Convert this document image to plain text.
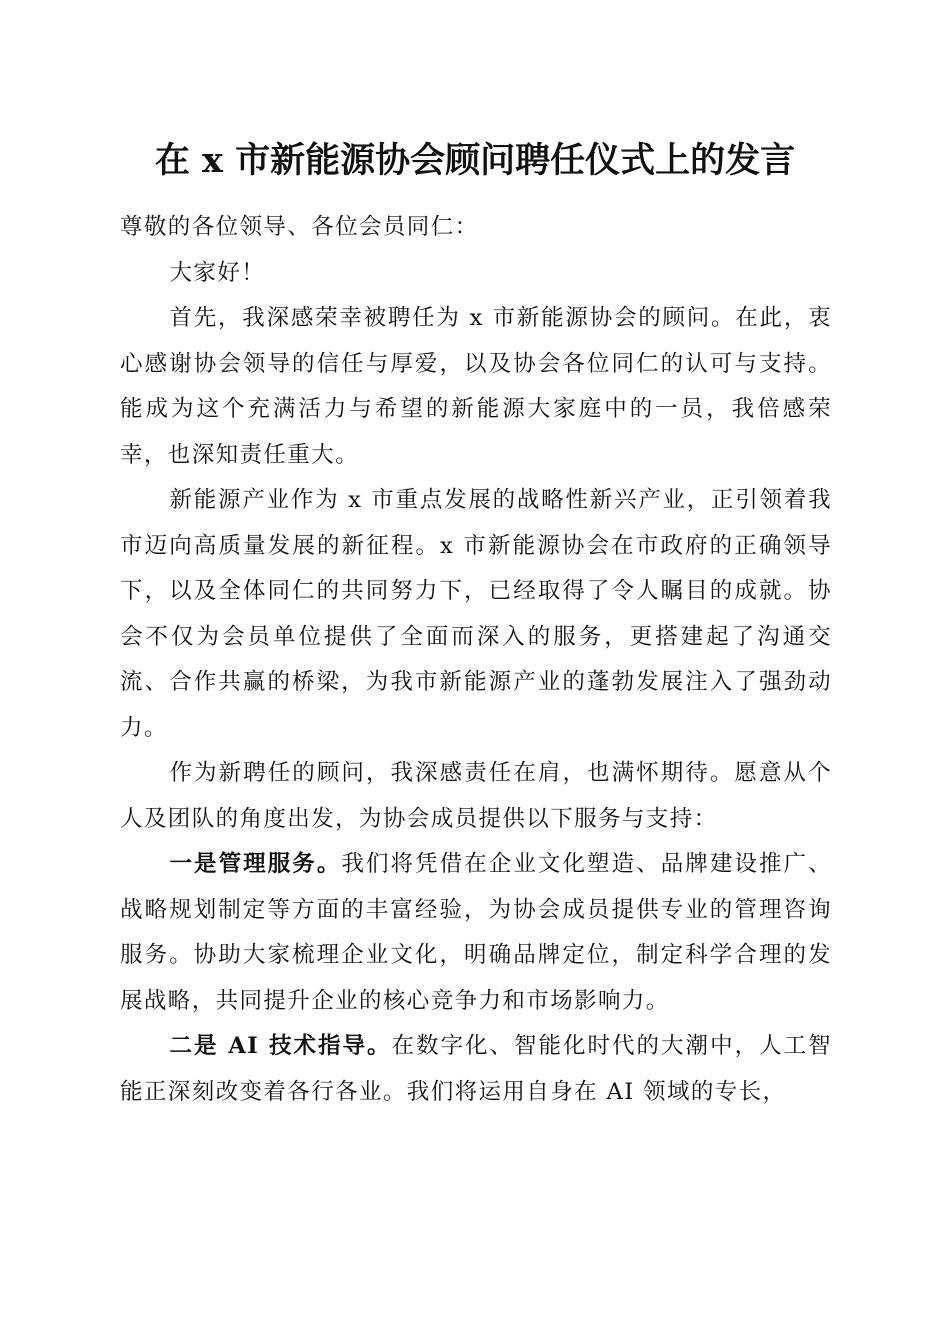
在 x 市新能源协会顾问聘任仪式上的发言

尊敬的各位领导、各位会员同仁：

大家好！

首先，我深感荣幸被聘任为 x 市新能源协会的顾问。在此，衷心感谢协会领导的信任与厚爱，以及协会各位同仁的认可与支持。能成为这个充满活力与希望的新能源大家庭中的一员，我倍感荣幸，也深知责任重大。

新能源产业作为 x 市重点发展的战略性新兴产业，正引领着我市迈向高质量发展的新征程。x 市新能源协会在市政府的正确领导下，以及全体同仁的共同努力下，已经取得了令人瞩目的成就。协会不仅为会员单位提供了全面而深入的服务，更搭建起了沟通交流、合作共赢的桥梁，为我市新能源产业的蓬勃发展注入了强劲动力。

作为新聘任的顾问，我深感责任在肩，也满怀期待。愿意从个人及团队的角度出发，为协会成员提供以下服务与支持：

一是管理服务。我们将凭借在企业文化塑造、品牌建设推广、战略规划制定等方面的丰富经验，为协会成员提供专业的管理咨询服务。协助大家梳理企业文化，明确品牌定位，制定科学合理的发展战略，共同提升企业的核心竞争力和市场影响力。

二是 AI 技术指导。在数字化、智能化时代的大潮中，人工智能正深刻改变着各行各业。我们将运用自身在 AI 领域的专长，
